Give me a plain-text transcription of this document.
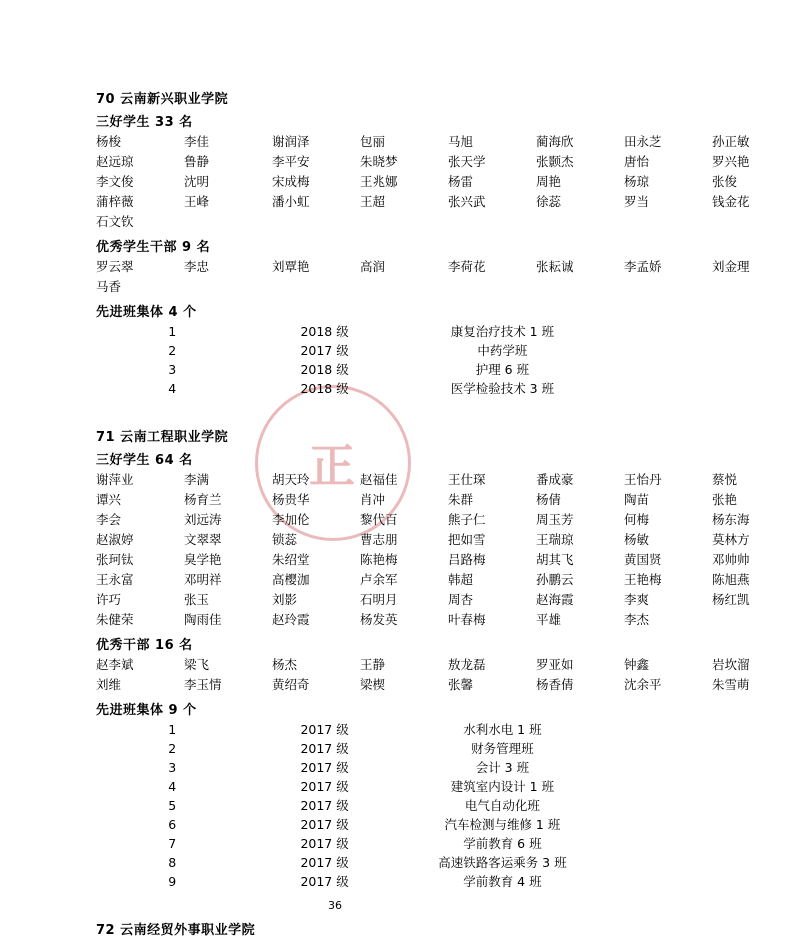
正
70 云南新兴职业学院
三好学生 33 名
杨梭	李佳	谢润泽	包丽	马旭	蔺海欣	田永芝	孙正敏
赵远琼	鲁静	李平安	朱晓梦	张天学	张颢杰	唐怡	罗兴艳
李文俊	沈明	宋成梅	王兆娜	杨雷	周艳	杨琼	张俊
蒲梓薇	王峰	潘小虹	王超	张兴武	徐蕊	罗当	钱金花
石文钦
优秀学生干部 9 名
罗云翠	李忠	刘覃艳	高润	李荷花	张耘诚	李孟娇	刘金理
马香
先进班集体 4 个
1	2018 级	康复治疗技术 1 班
2	2017 级	中药学班
3	2018 级	护理 6 班
4	2018 级	医学检验技术 3 班
71 云南工程职业学院
三好学生 64 名
谢萍业	李满	胡天玲	赵福佳	王仕琛	番成豪	王怡丹	蔡悦
谭兴	杨育兰	杨贵华	肖冲	朱群	杨倩	陶苗	张艳
李会	刘远涛	李加伦	黎代百	熊子仁	周玉芳	何梅	杨东海
赵淑婷	文翠翠	锁蕊	曹志朋	把如雪	王瑞琼	杨敏	莫林方
张珂钛	臭学艳	朱绍堂	陈艳梅	吕路梅	胡其飞	黄国贤	邓帅帅
王永富	邓明祥	高樱泇	卢余军	韩超	孙鹏云	王艳梅	陈旭燕
许巧	张玉	刘影	石明月	周杏	赵海霞	李爽	杨红凯
朱健荣	陶雨佳	赵玲霞	杨发英	叶春梅	平雄	李杰
优秀干部 16 名
赵李斌	梁飞	杨杰	王静	敖龙磊	罗亚如	钟鑫	岩坎溜
刘维	李玉情	黄绍奇	梁楔	张馨	杨香倩	沈余平	朱雪萌
先进班集体 9 个
1	2017 级	水利水电 1 班
2	2017 级	财务管理班
3	2017 级	会计 3 班
4	2017 级	建筑室内设计 1 班
5	2017 级	电气自动化班
6	2017 级	汽车检测与维修 1 班
7	2017 级	学前教育 6 班
8	2017 级	高速铁路客运乘务 3 班
9	2017 级	学前教育 4 班
72 云南经贸外事职业学院
36
